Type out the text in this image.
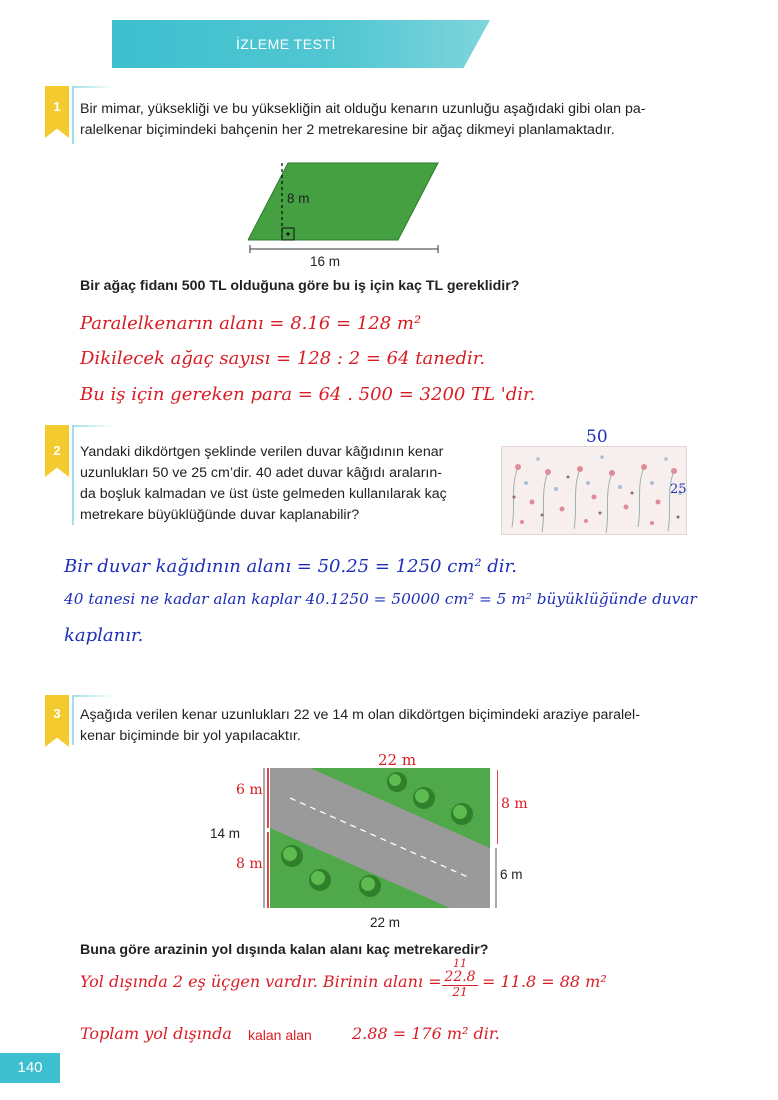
İZLEME TESTİ
1	Bir mimar, yüksekliği ve bu yüksekliğin ait olduğu kenarın uzunluğu aşağıdaki gibi olan pa-
ralelkenar biçimindeki bahçenin her 2 metrekaresine bir ağaç dikmeyi planlamaktadır.
8 m
16 m
Bir ağaç fidanı 500 TL olduğuna göre bu iş için kaç TL gereklidir?
Paralelkenarın alanı = 8.16 = 128 m²
Dikilecek ağaç sayısı = 128 : 2 = 64 tanedir.
Bu iş için gereken para = 64 . 500 = 3200 TL 'dir.
2	Yandaki dikdörtgen şeklinde verilen duvar kâğıdının kenar
uzunlukları 50 ve 25 cm’dir. 40 adet duvar kâğıdı araların-
da boşluk kalmadan ve üst üste gelmeden kullanılarak kaç
metrekare büyüklüğünde duvar kaplanabilir?
50
25
Bir duvar kağıdının alanı = 50.25 = 1250 cm² dir.
40 tanesi ne kadar alan kaplar 40.1250 = 50000 cm² = 5 m² büyüklüğünde duvar
kaplanır.
3	Aşağıda verilen kenar uzunlukları 22 ve 14 m olan dikdörtgen biçimindeki araziye paralel-
kenar biçiminde bir yol yapılacaktır.
14 m
6 m
22 m
22 m
6 m
8 m
8 m
Buna göre arazinin yol dışında kalan alanı kaç metrekaredir?
Yol dışında 2 eş üçgen vardır. Birinin alanı =
11
22.8
21
= 11.8 = 88 m²
Toplam yol dışında kalan alan	2.88 = 176 m² dir.
140
